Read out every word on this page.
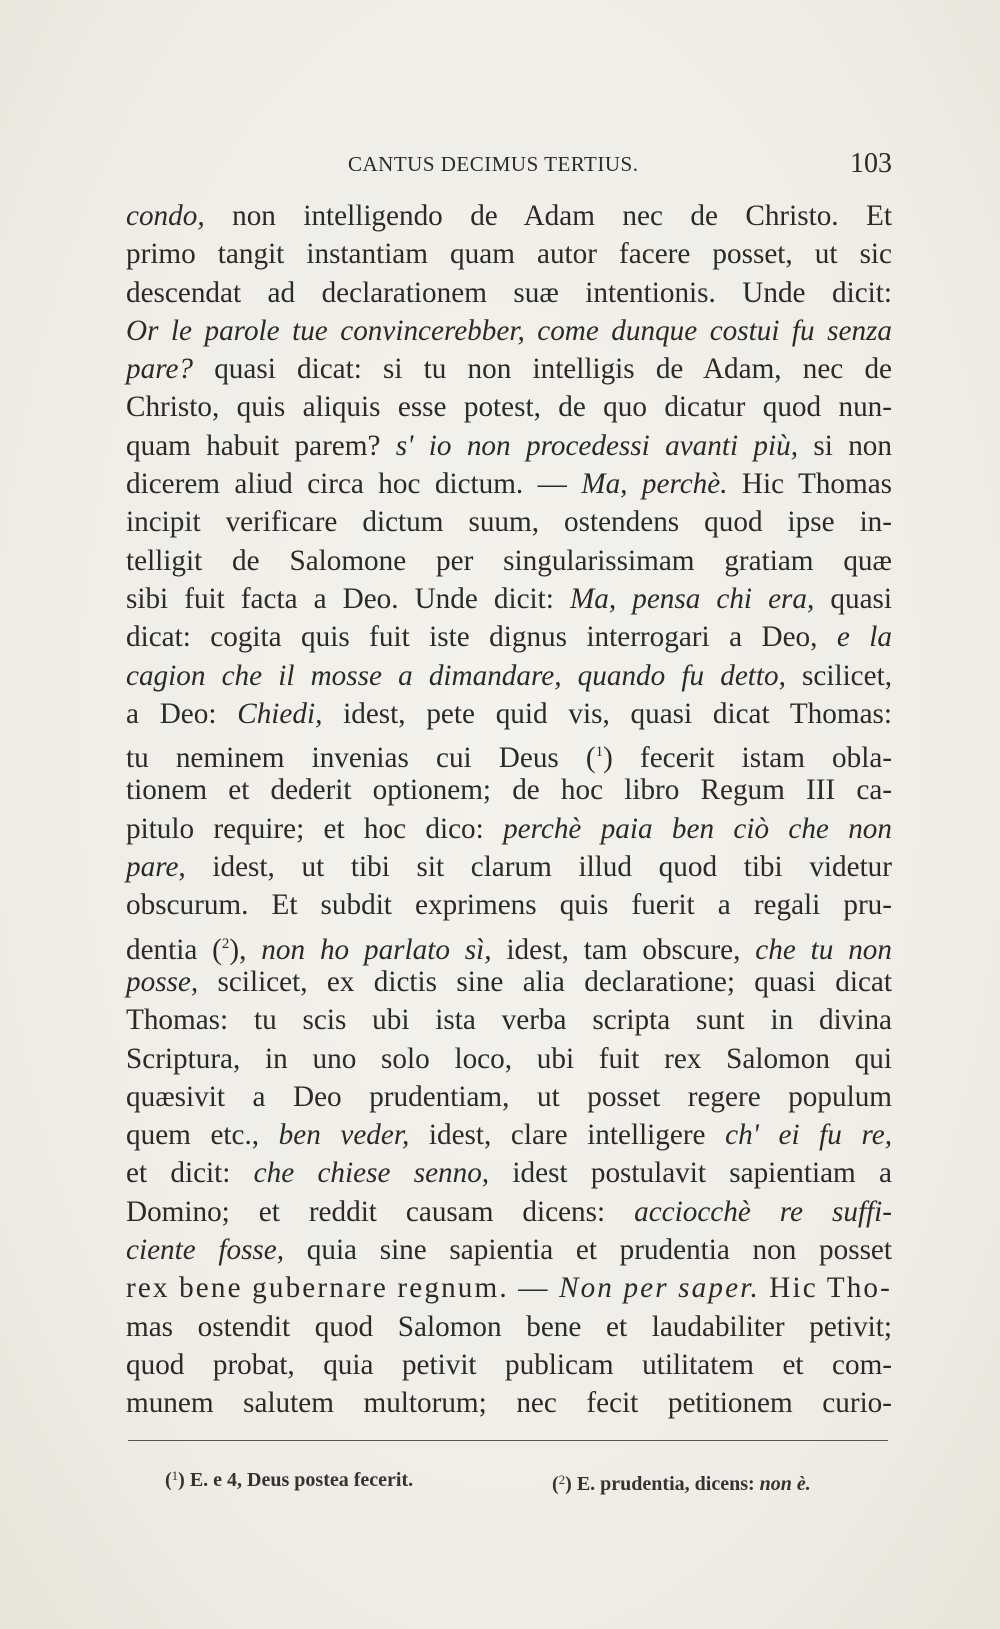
CANTUS DECIMUS TERTIUS.	103
condo, non intelligendo de Adam nec de Christo. Et
primo tangit instantiam quam autor facere posset, ut sic
descendat ad declarationem suæ intentionis. Unde dicit:
Or le parole tue convincerebber, come dunque costui fu senza
pare? quasi dicat: si tu non intelligis de Adam, nec de
Christo, quis aliquis esse potest, de quo dicatur quod nun-
quam habuit parem? s' io non procedessi avanti più, si non
dicerem aliud circa hoc dictum. — Ma, perchè. Hic Thomas
incipit verificare dictum suum, ostendens quod ipse in-
telligit de Salomone per singularissimam gratiam quæ
sibi fuit facta a Deo. Unde dicit: Ma, pensa chi era, quasi
dicat: cogita quis fuit iste dignus interrogari a Deo, e la
cagion che il mosse a dimandare, quando fu detto, scilicet,
a Deo: Chiedi, idest, pete quid vis, quasi dicat Thomas:
tu neminem invenias cui Deus ($^1$) fecerit istam obla-
tionem et dederit optionem; de hoc libro Regum III ca-
pitulo require; et hoc dico: perchè paia ben ciò che non
pare, idest, ut tibi sit clarum illud quod tibi videtur
obscurum. Et subdit exprimens quis fuerit a regali pru-
dentia ($^2$), non ho parlato sì, idest, tam obscure, che tu non
posse, scilicet, ex dictis sine alia declaratione; quasi dicat
Thomas: tu scis ubi ista verba scripta sunt in divina
Scriptura, in uno solo loco, ubi fuit rex Salomon qui
quæsivit a Deo prudentiam, ut posset regere populum
quem etc., ben veder, idest, clare intelligere ch' ei fu re,
et dicit: che chiese senno, idest postulavit sapientiam a
Domino; et reddit causam dicens: acciocchè re suffi-
ciente fosse, quia sine sapientia et prudentia non posset
rex bene gubernare regnum. — Non per saper. Hic Tho-
mas ostendit quod Salomon bene et laudabiliter petivit;
quod probat, quia petivit publicam utilitatem et com-
munem salutem multorum; nec fecit petitionem curio-
($^1$) E. e 4, Deus postea fecerit.	($^2$) E. prudentia, dicens: non è.
